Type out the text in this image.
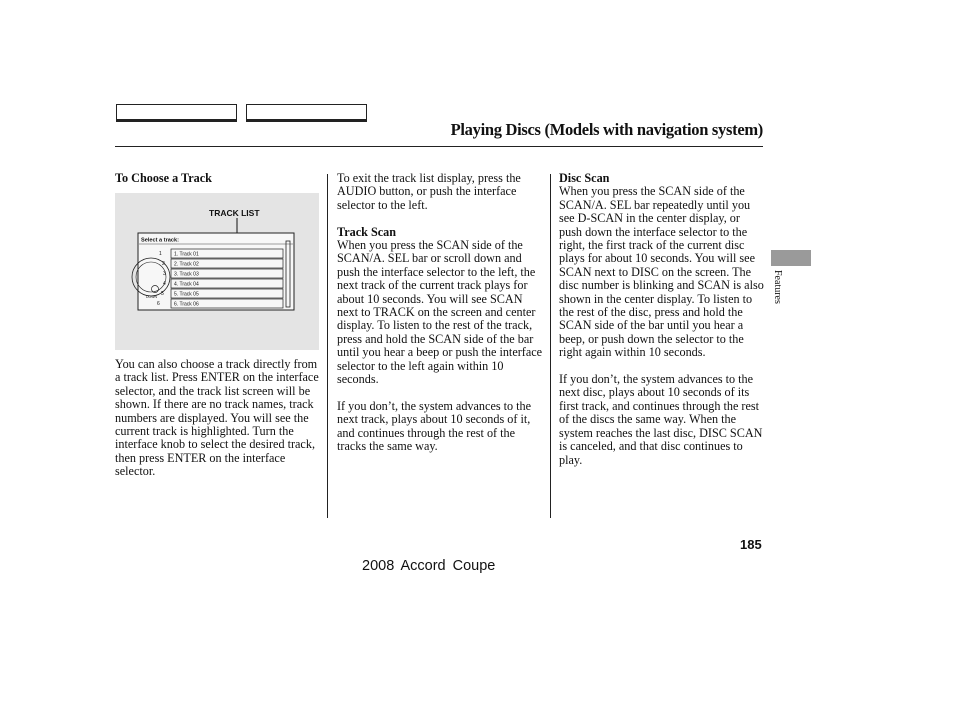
Playing Discs (Models with navigation system)

To Choose a Track

TRACK LIST
Select a track:
DOWN
1
2
3
4
5
6
1. Track 01
2. Track 02
3. Track 03
4. Track 04
5. Track 05
6. Track 06
You can also choose a track directly from a track list. Press ENTER on the interface selector, and the track list screen will be shown. If there are no track names, track numbers are displayed. You will see the current track is highlighted. Turn the interface knob to select the desired track, then press ENTER on the interface selector.

To exit the track list display, press the AUDIO button, or push the interface selector to the left.

Track Scan

When you press the SCAN side of the SCAN/A. SEL bar or scroll down and push the interface selector to the left, the next track of the current track plays for about 10 seconds. You will see SCAN next to TRACK on the screen and center display. To listen to the rest of the track, press and hold the SCAN side of the bar until you hear a beep or push the interface selector to the left again within 10 seconds.

If you don’t, the system advances to the next track, plays about 10 seconds of it, and continues through the rest of the tracks the same way.

Disc Scan

When you press the SCAN side of the SCAN/A. SEL bar repeatedly until you see D-SCAN in the center display, or push down the interface selector to the right, the first track of the current disc plays for about 10 seconds. You will see SCAN next to DISC on the screen. The disc number is blinking and SCAN is also shown in the center display. To listen to the rest of the disc, press and hold the SCAN side of the bar until you hear a beep, or push down the selector to the right again within 10 seconds.

If you don’t, the system advances to the next disc, plays about 10 seconds of its first track, and continues through the rest of the discs the same way. When the system reaches the last disc, DISC SCAN is canceled, and that disc continues to play.

Features
185
2008 Accord Coupe
